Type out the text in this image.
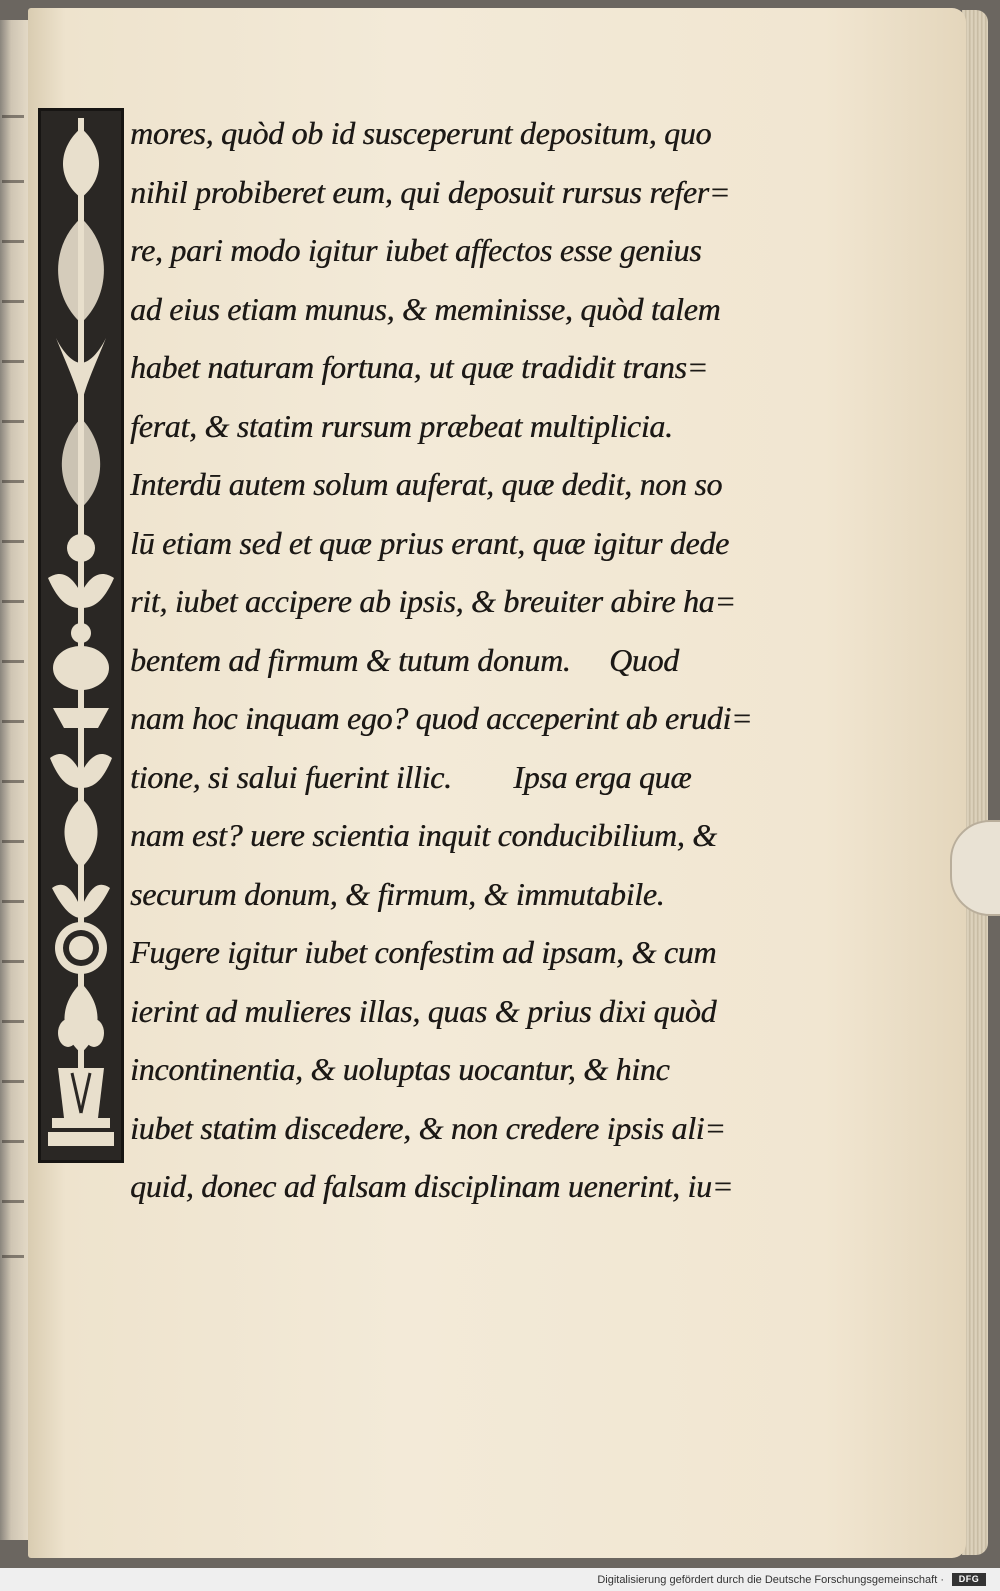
mores, quòd ob id susceperunt depositum, quo
nihil probiberet eum, qui deposuit rursus refer=
re, pari modo igitur iubet affectos esse genius
ad eius etiam munus, & meminisse, quòd talem
habet naturam fortuna, ut quæ tradidit trans=
ferat, & statim rursum præbeat multiplicia.
Interdū autem solum auferat, quæ dedit, non so
lū etiam sed et quæ prius erant, quæ igitur dede
rit, iubet accipere ab ipsis, & breuiter abire ha=
bentem ad firmum & tutum donum.     Quod
nam hoc inquam ego? quod acceperint ab erudi=
tione, si salui fuerint illic.        Ipsa erga quæ
nam est? uere scientia inquit conducibilium, &
securum donum, & firmum, & immutabile.
Fugere igitur iubet confestim ad ipsam, & cum
ierint ad mulieres illas, quas & prius dixi quòd
incontinentia, & uoluptas uocantur, & hinc
iubet statim discedere, & non credere ipsis ali=
quid, donec ad falsam disciplinam uenerint, iu=
Digitalisierung gefördert durch die Deutsche Forschungsgemeinschaft ·	DFG
